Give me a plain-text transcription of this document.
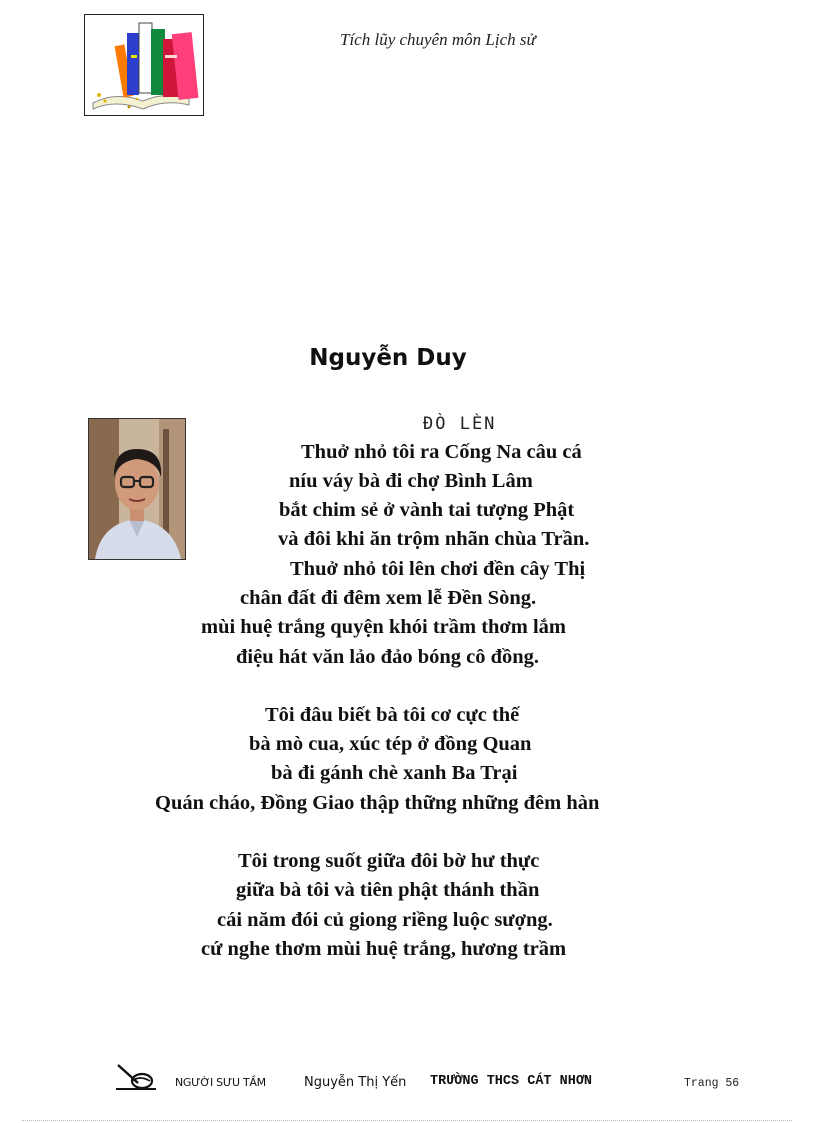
Tích lũy chuyên môn Lịch sử
Nguyễn Duy
ĐÒ LÈN
Thuở nhỏ tôi ra Cống Na câu cá
níu váy bà đi chợ Bình Lâm
bắt chim sẻ ở vành tai tượng Phật
và đôi khi ăn trộm nhãn chùa Trần.
Thuở nhỏ tôi lên chơi đền cây Thị
chân đất đi đêm xem lễ Đền Sòng.
mùi huệ trắng quyện khói trầm thơm lắm
điệu hát văn lảo đảo bóng cô đồng.
Tôi đâu biết bà tôi cơ cực thế
bà mò cua, xúc tép ở đồng Quan
bà đi gánh chè xanh Ba Trại
Quán cháo, Đồng Giao thập thững những đêm hàn
Tôi trong suốt giữa đôi bờ hư thực
giữa bà tôi và tiên phật thánh thần
cái năm đói củ giong riềng luộc sượng.
cứ nghe thơm mùi huệ trắng, hương trầm
NGƯỜI SƯU TẦM	Nguyễn Thị Yến TRƯỜNG THCS CÁT NHƠN	Trang 56
